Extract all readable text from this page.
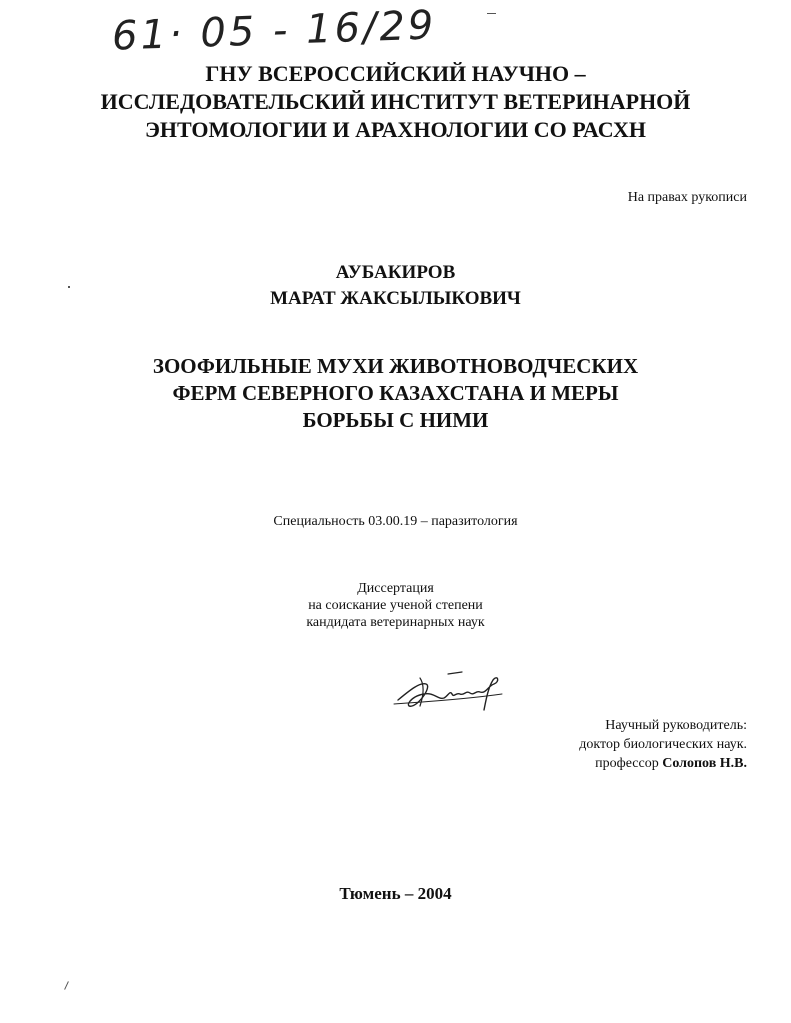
61· 05 - 16/29
ГНУ ВСЕРОССИЙСКИЙ НАУЧНО –
ИССЛЕДОВАТЕЛЬСКИЙ ИНСТИТУТ ВЕТЕРИНАРНОЙ
ЭНТОМОЛОГИИ И АРАХНОЛОГИИ СО РАСХН
На правах рукописи
АУБАКИРОВ
МАРАТ ЖАКСЫЛЫКОВИЧ
ЗООФИЛЬНЫЕ МУХИ ЖИВОТНОВОДЧЕСКИХ
ФЕРМ СЕВЕРНОГО КАЗАХСТАНА И МЕРЫ
БОРЬБЫ С НИМИ
Специальность 03.00.19 – паразитология
Диссертация
на соискание ученой степени
кандидата ветеринарных наук
Научный руководитель:
доктор биологических наук.
профессор Солопов Н.В.
Тюмень – 2004
